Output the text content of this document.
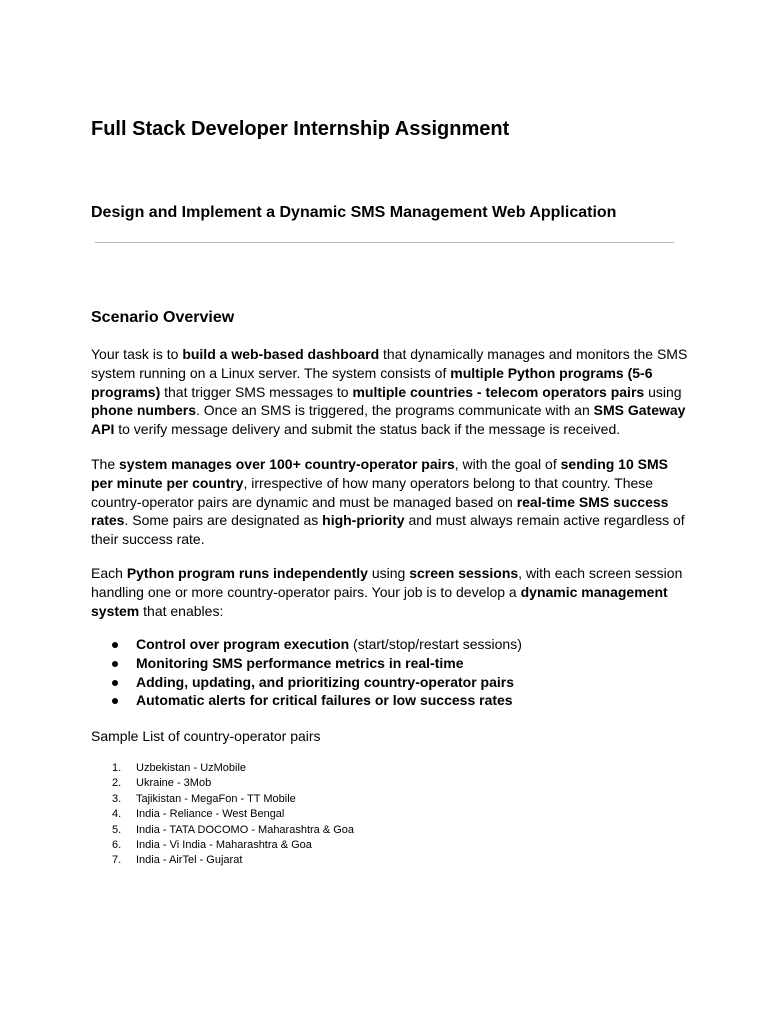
Full Stack Developer Internship Assignment
Design and Implement a Dynamic SMS Management Web Application
Scenario Overview

Your task is to build a web-based dashboard that dynamically manages and monitors the SMS system running on a Linux server. The system consists of multiple Python programs (5-6 programs) that trigger SMS messages to multiple countries - telecom operators pairs using phone numbers. Once an SMS is triggered, the programs communicate with an SMS Gateway API to verify message delivery and submit the status back if the message is received.

The system manages over 100+ country-operator pairs, with the goal of sending 10 SMS per minute per country, irrespective of how many operators belong to that country. These country-operator pairs are dynamic and must be managed based on real-time SMS success rates. Some pairs are designated as high-priority and must always remain active regardless of their success rate.

Each Python program runs independently using screen sessions, with each screen session handling one or more country-operator pairs. Your job is to develop a dynamic management system that enables:

Control over program execution (start/stop/restart sessions)
Monitoring SMS performance metrics in real-time
Adding, updating, and prioritizing country-operator pairs
Automatic alerts for critical failures or low success rates

Sample List of country-operator pairs

1. Uzbekistan - UzMobile
2. Ukraine - 3Mob
3. Tajikistan - MegaFon - TT Mobile
4. India - Reliance - West Bengal
5. India - TATA DOCOMO - Maharashtra & Goa
6. India - Vi India - Maharashtra & Goa
7. India - AirTel - Gujarat
